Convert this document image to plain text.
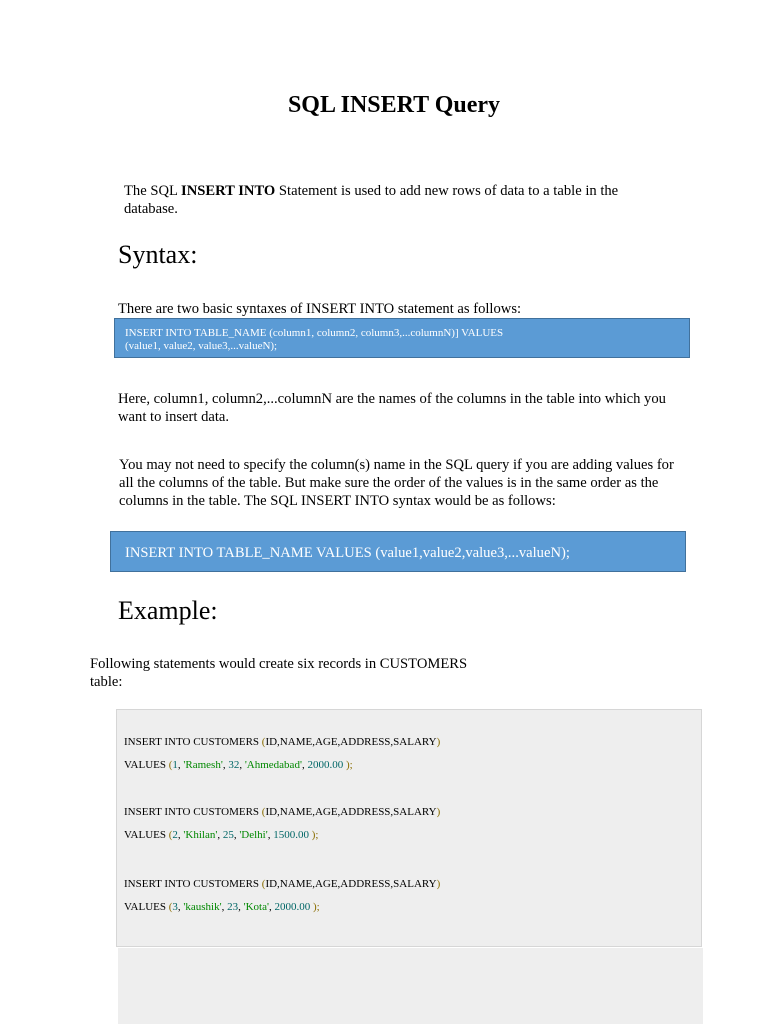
SQL INSERT Query

The SQL INSERT INTO Statement is used to add new rows of data to a table in the database.

Syntax:

There are two basic syntaxes of INSERT INTO statement as follows:

INSERT INTO TABLE_NAME (column1, column2, column3,...columnN)] VALUES
(value1, value2, value3,...valueN);

Here, column1, column2,...columnN are the names of the columns in the table into which you want to insert data.

You may not need to specify the column(s) name in the SQL query if you are adding values for all the columns of the table. But make sure the order of the values is in the same order as the columns in the table. The SQL INSERT INTO syntax would be as follows:

INSERT INTO TABLE_NAME VALUES (value1,value2,value3,...valueN);
Example:

Following statements would create six records in CUSTOMERS table:

INSERT INTO CUSTOMERS (ID,NAME,AGE,ADDRESS,SALARY)
VALUES (1, 'Ramesh', 32, 'Ahmedabad', 2000.00 );
INSERT INTO CUSTOMERS (ID,NAME,AGE,ADDRESS,SALARY)
VALUES (2, 'Khilan', 25, 'Delhi', 1500.00 );
INSERT INTO CUSTOMERS (ID,NAME,AGE,ADDRESS,SALARY)
VALUES (3, 'kaushik', 23, 'Kota', 2000.00 );
